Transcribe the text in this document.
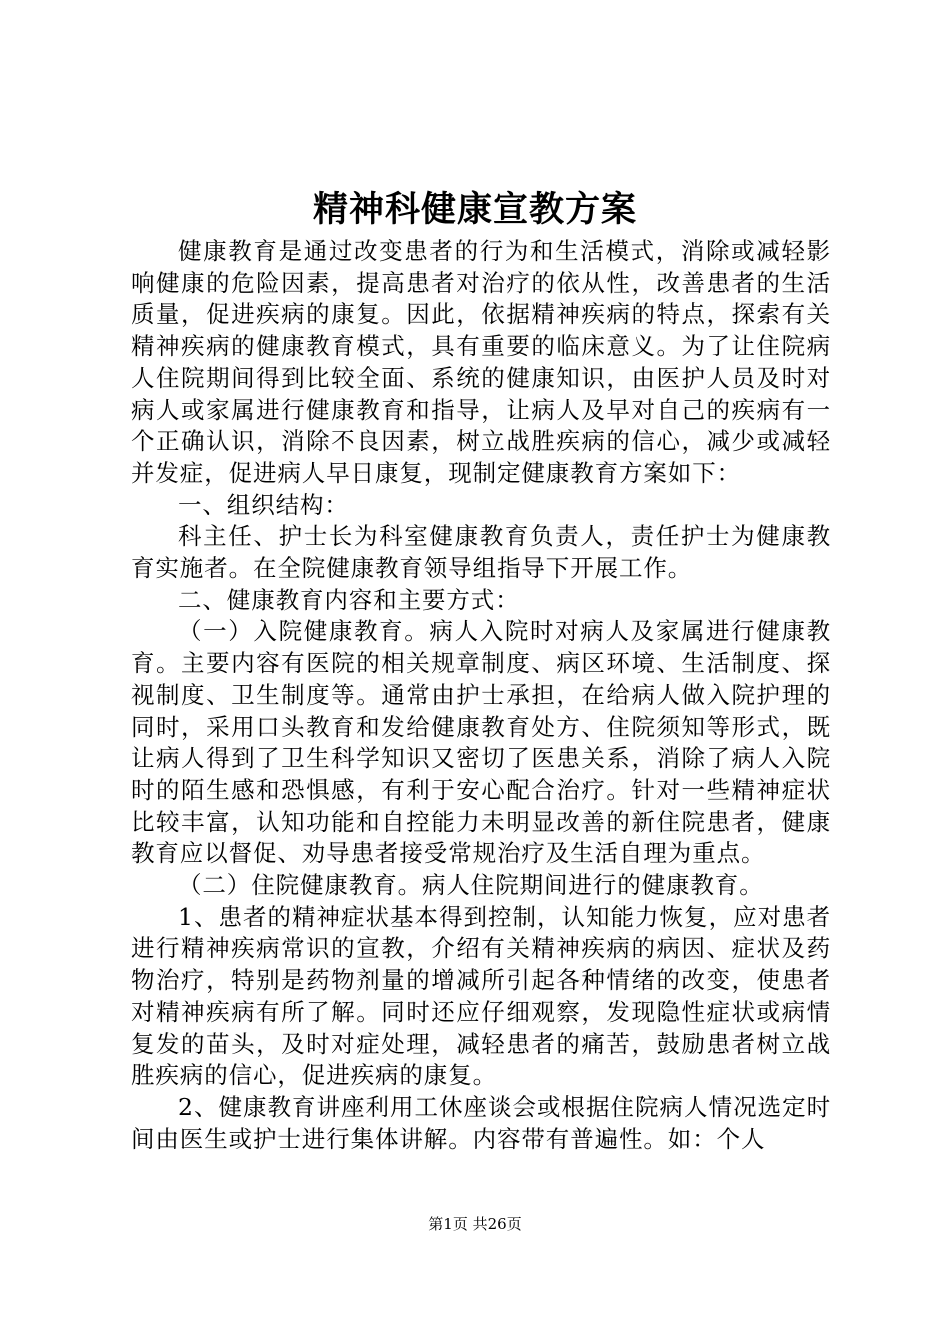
精神科健康宣教方案

健康教育是通过改变患者的行为和生活模式，消除或减轻影响健康的危险因素，提高患者对治疗的依从性，改善患者的生活质量，促进疾病的康复。因此，依据精神疾病的特点，探索有关精神疾病的健康教育模式，具有重要的临床意义。为了让住院病人住院期间得到比较全面、系统的健康知识，由医护人员及时对病人或家属进行健康教育和指导，让病人及早对自己的疾病有一个正确认识，消除不良因素，树立战胜疾病的信心，减少或减轻并发症，促进病人早日康复，现制定健康教育方案如下：

一、组织结构：

科主任、护士长为科室健康教育负责人，责任护士为健康教育实施者。在全院健康教育领导组指导下开展工作。

二、健康教育内容和主要方式：

（一）入院健康教育。病人入院时对病人及家属进行健康教育。主要内容有医院的相关规章制度、病区环境、生活制度、探视制度、卫生制度等。通常由护士承担，在给病人做入院护理的同时，采用口头教育和发给健康教育处方、住院须知等形式，既让病人得到了卫生科学知识又密切了医患关系，消除了病人入院时的陌生感和恐惧感，有利于安心配合治疗。针对一些精神症状比较丰富，认知功能和自控能力未明显改善的新住院患者，健康教育应以督促、劝导患者接受常规治疗及生活自理为重点。

（二）住院健康教育。病人住院期间进行的健康教育。

1、患者的精神症状基本得到控制，认知能力恢复，应对患者进行精神疾病常识的宣教，介绍有关精神疾病的病因、症状及药物治疗，特别是药物剂量的增减所引起各种情绪的改变，使患者对精神疾病有所了解。同时还应仔细观察，发现隐性症状或病情复发的苗头，及时对症处理，减轻患者的痛苦，鼓励患者树立战胜疾病的信心，促进疾病的康复。

2、健康教育讲座利用工休座谈会或根据住院病人情况选定时间由医生或护士进行集体讲解。内容带有普遍性。如：个人

第1页 共26页
